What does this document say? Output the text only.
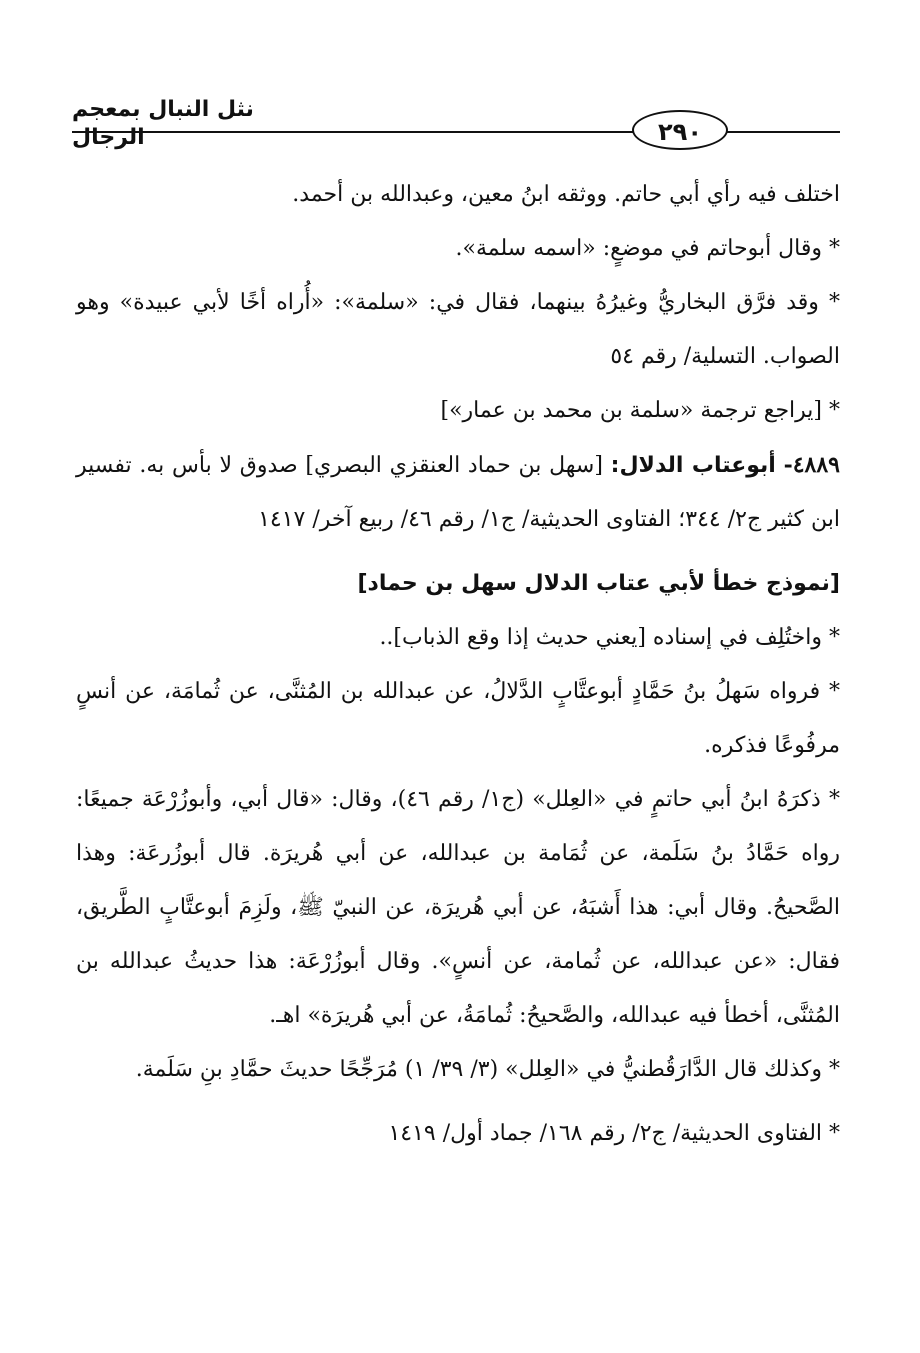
نثل النبال بمعجم الرجال	٢٩٠

اختلف فيه رأي أبي حاتم. ووثقه ابنُ معين، وعبدالله بن أحمد.

* وقال أبوحاتم في موضعٍ: «اسمه سلمة».

* وقد فرَّق البخاريُّ وغيرُهُ بينهما، فقال في: «سلمة»: «أُراه أخًا لأبي عبيدة» وهو الصواب. التسلية/ رقم ٥٤

* [يراجع ترجمة «سلمة بن محمد بن عمار»]

٤٨٨٩- أبوعتاب الدلال: [سهل بن حماد العنقزي البصري] صدوق لا بأس به. تفسير ابن كثير ج٢/ ٣٤٤؛ الفتاوى الحديثية/ ج١/ رقم ٤٦/ ربيع آخر/ ١٤١٧

[نموذج خطأ لأبي عتاب الدلال سهل بن حماد]

* واختُلِف في إسناده [يعني حديث إذا وقع الذباب]..

* فرواه سَهلُ بنُ حَمَّادٍ أبوعتَّابٍ الدَّلالُ، عن عبدالله بن المُثنَّى، عن ثُمامَة، عن أنسٍ مرفُوعًا فذكره.

* ذكرَهُ ابنُ أبي حاتمٍ في «العِلل» (ج١/ رقم ٤٦)، وقال: «قال أبي، وأبوزُرْعَة جميعًا: رواه حَمَّادُ بنُ سَلَمة، عن ثُمَامة بن عبدالله، عن أبي هُريرَة. قال أبوزُرعَة: وهذا الصَّحيحُ. وقال أبي: هذا أَشبَهُ، عن أبي هُريرَة، عن النبيّ ﷺ، ولَزِمَ أبوعتَّابٍ الطَّريق، فقال: «عن عبدالله، عن ثُمامة، عن أنسٍ». وقال أبوزُرْعَة: هذا حديثُ عبدالله بن المُثنَّى، أخطأ فيه عبدالله، والصَّحيحُ: ثُمامَةُ، عن أبي هُريرَة» اهـ.

* وكذلك قال الدَّارَقُطنيُّ في «العِلل» (٣/ ٣٩/ ١) مُرَجِّحًا حديثَ حمَّادِ بنِ سَلَمة.

* الفتاوى الحديثية/ ج٢/ رقم ١٦٨/ جماد أول/ ١٤١٩
